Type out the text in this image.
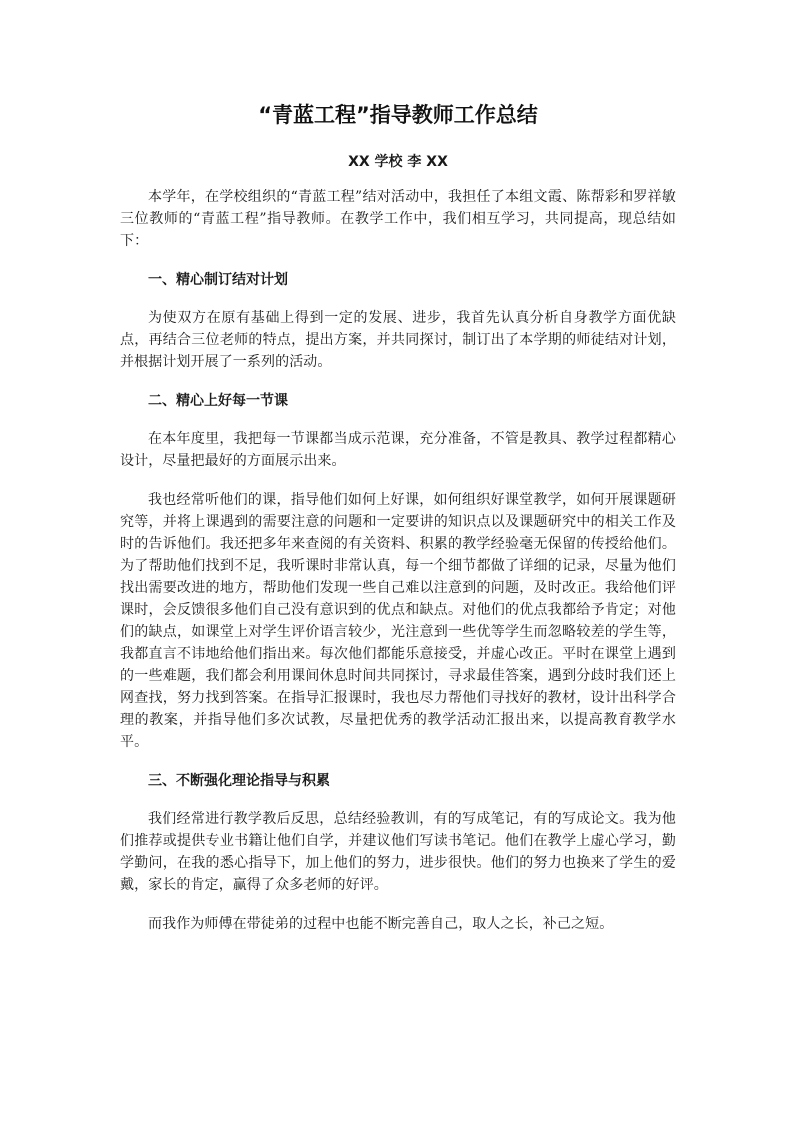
“青蓝工程”指导教师工作总结
XX 学校 李 XX

本学年，在学校组织的“青蓝工程”结对活动中，我担任了本组文霞、陈帮彩和罗祥敏三位教师的“青蓝工程”指导教师。在教学工作中，我们相互学习，共同提高，现总结如下：

一、精心制订结对计划

为使双方在原有基础上得到一定的发展、进步，我首先认真分析自身教学方面优缺点，再结合三位老师的特点，提出方案，并共同探讨，制订出了本学期的师徒结对计划，并根据计划开展了一系列的活动。

二、精心上好每一节课

在本年度里，我把每一节课都当成示范课，充分准备，不管是教具、教学过程都精心设计，尽量把最好的方面展示出来。

我也经常听他们的课，指导他们如何上好课，如何组织好课堂教学，如何开展课题研究等，并将上课遇到的需要注意的问题和一定要讲的知识点以及课题研究中的相关工作及时的告诉他们。我还把多年来查阅的有关资料、积累的教学经验毫无保留的传授给他们。为了帮助他们找到不足，我听课时非常认真，每一个细节都做了详细的记录，尽量为他们找出需要改进的地方，帮助他们发现一些自己难以注意到的问题，及时改正。我给他们评课时，会反馈很多他们自己没有意识到的优点和缺点。对他们的优点我都给予肯定；对他们的缺点，如课堂上对学生评价语言较少，光注意到一些优等学生而忽略较差的学生等，我都直言不讳地给他们指出来。每次他们都能乐意接受，并虚心改正。平时在课堂上遇到的一些难题，我们都会利用课间休息时间共同探讨，寻求最佳答案，遇到分歧时我们还上网查找，努力找到答案。在指导汇报课时，我也尽力帮他们寻找好的教材，设计出科学合理的教案，并指导他们多次试教，尽量把优秀的教学活动汇报出来，以提高教育教学水平。

三、不断强化理论指导与积累

我们经常进行教学教后反思，总结经验教训，有的写成笔记，有的写成论文。我为他们推荐或提供专业书籍让他们自学，并建议他们写读书笔记。他们在教学上虚心学习，勤学勤问，在我的悉心指导下，加上他们的努力，进步很快。他们的努力也换来了学生的爱戴，家长的肯定，赢得了众多老师的好评。

而我作为师傅在带徒弟的过程中也能不断完善自己，取人之长，补己之短。
